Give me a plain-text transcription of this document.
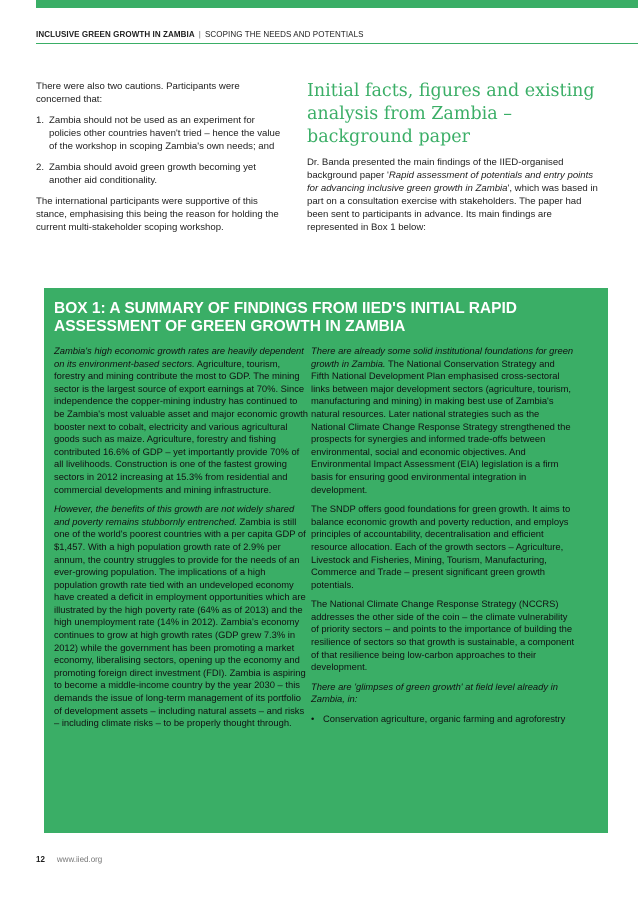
INCLUSIVE GREEN GROWTH IN ZAMBIA | SCOPING THE NEEDS AND POTENTIALS

There were also two cautions. Participants were concerned that:

1. Zambia should not be used as an experiment for policies other countries haven't tried – hence the value of the workshop in scoping Zambia's own needs; and
2. Zambia should avoid green growth becoming yet another aid conditionality.

The international participants were supportive of this stance, emphasising this being the reason for holding the current multi-stakeholder scoping workshop.

Initial facts, figures and existing analysis from Zambia – background paper

Dr. Banda presented the main findings of the IIED-organised background paper 'Rapid assessment of potentials and entry points for advancing inclusive green growth in Zambia', which was based in part on a consultation exercise with stakeholders. The paper had been sent to participants in advance. Its main findings are represented in Box 1 below:

BOX 1: A SUMMARY OF FINDINGS FROM IIED'S INITIAL RAPID ASSESSMENT OF GREEN GROWTH IN ZAMBIA

Zambia's high economic growth rates are heavily dependent on its environment-based sectors. Agriculture, tourism, forestry and mining contribute the most to GDP. The mining sector is the largest source of export earnings at 70%. Since independence the copper-mining industry has continued to be Zambia's most valuable asset and major economic growth booster next to cobalt, electricity and various agricultural goods such as maize. Agriculture, forestry and fishing contributed 16.6% of GDP – yet importantly provide 70% of all livelihoods. Construction is one of the fastest growing sectors in 2012 increasing at 15.3% from residential and commercial developments and mining infrastructure.

However, the benefits of this growth are not widely shared and poverty remains stubbornly entrenched. Zambia is still one of the world's poorest countries with a per capita GDP of $1,457. With a high population growth rate of 2.9% per annum, the country struggles to provide for the needs of an ever-growing population. The implications of a high population growth rate tied with an undeveloped economy have created a deficit in employment opportunities which are illustrated by the high poverty rate (64% as of 2013) and the high unemployment rate (14% in 2012). Zambia's economy continues to grow at high growth rates (GDP grew 7.3% in 2012) while the government has been promoting a market economy, liberalising sectors, opening up the economy and promoting foreign direct investment (FDI). Zambia is aspiring to become a middle-income country by the year 2030 – this demands the issue of long-term management of its portfolio of development assets – including natural assets – and risks – including climate risks – to be properly thought through.

There are already some solid institutional foundations for green growth in Zambia. The National Conservation Strategy and Fifth National Development Plan emphasised cross-sectoral links between major development sectors (agriculture, tourism, manufacturing and mining) in making best use of Zambia's natural resources. Later national strategies such as the National Climate Change Response Strategy strengthened the prospects for synergies and informed trade-offs between environmental, social and economic objectives. And Environmental Impact Assessment (EIA) legislation is a firm basis for ensuring good environmental integration in development.

The SNDP offers good foundations for green growth. It aims to balance economic growth and poverty reduction, and employs principles of accountability, decentralisation and efficient resource allocation. Each of the growth sectors – Agriculture, Livestock and Fisheries, Mining, Tourism, Manufacturing, Commerce and Trade – present significant green growth potentials.

The National Climate Change Response Strategy (NCCRS) addresses the other side of the coin – the climate vulnerability of priority sectors – and points to the importance of building the resilience of sectors so that growth is sustainable, a component of that resilience being low-carbon approaches to their development.

There are 'glimpses of green growth' at field level already in Zambia, in:

• Conservation agriculture, organic farming and agroforestry
12 www.iied.org
